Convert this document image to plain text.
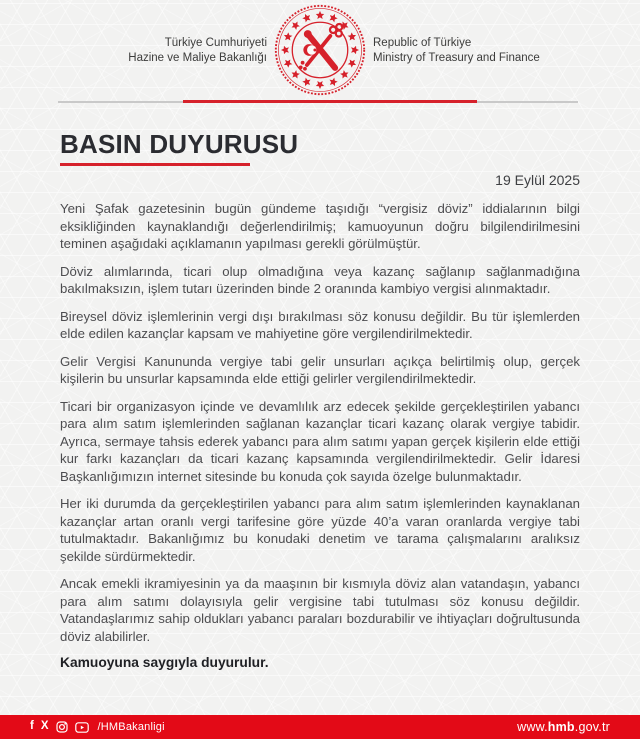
Türkiye Cumhuriyeti
Hazine ve Maliye Bakanlığı
Republic of Türkiye
Ministry of Treasury and Finance
BASIN DUYURUSU
19 Eylül 2025

Yeni Şafak gazetesinin bugün gündeme taşıdığı “vergisiz döviz” iddialarının bilgi eksikliğinden kaynaklandığı değerlendirilmiş; kamuoyunun doğru bilgilendirilmesini teminen aşağıdaki açıklamanın yapılması gerekli görülmüştür.

Döviz alımlarında, ticari olup olmadığına veya kazanç sağlanıp sağlanmadığına bakılmaksızın, işlem tutarı üzerinden binde 2 oranında kambiyo vergisi alınmaktadır.

Bireysel döviz işlemlerinin vergi dışı bırakılması söz konusu değildir. Bu tür işlemlerden elde edilen kazançlar kapsam ve mahiyetine göre vergilendirilmektedir.

Gelir Vergisi Kanununda vergiye tabi gelir unsurları açıkça belirtilmiş olup, gerçek kişilerin bu unsurlar kapsamında elde ettiği gelirler vergilendirilmektedir.

Ticari bir organizasyon içinde ve devamlılık arz edecek şekilde gerçekleştirilen yabancı para alım satım işlemlerinden sağlanan kazançlar ticari kazanç olarak vergiye tabidir. Ayrıca, sermaye tahsis ederek yabancı para alım satımı yapan gerçek kişilerin elde ettiği kur farkı kazançları da ticari kazanç kapsamında vergilendirilmektedir. Gelir İdaresi Başkanlığımızın internet sitesinde bu konuda çok sayıda özelge bulunmaktadır.

Her iki durumda da gerçekleştirilen yabancı para alım satım işlemlerinden kaynaklanan kazançlar artan oranlı vergi tarifesine göre yüzde 40’a varan oranlarda vergiye tabi tutulmaktadır. Bakanlığımız bu konudaki denetim ve tarama çalışmalarını aralıksız şekilde sürdürmektedir.

Ancak emekli ikramiyesinin ya da maaşının bir kısmıyla döviz alan vatandaşın, yabancı para alım satımı dolayısıyla gelir vergisine tabi tutulması söz konusu değildir. Vatandaşlarımız sahip oldukları yabancı paraları bozdurabilir ve ihtiyaçları doğrultusunda döviz alabilirler.

Kamuoyuna saygıyla duyurulur.
f X	/HMBakanligi	www.hmb.gov.tr
